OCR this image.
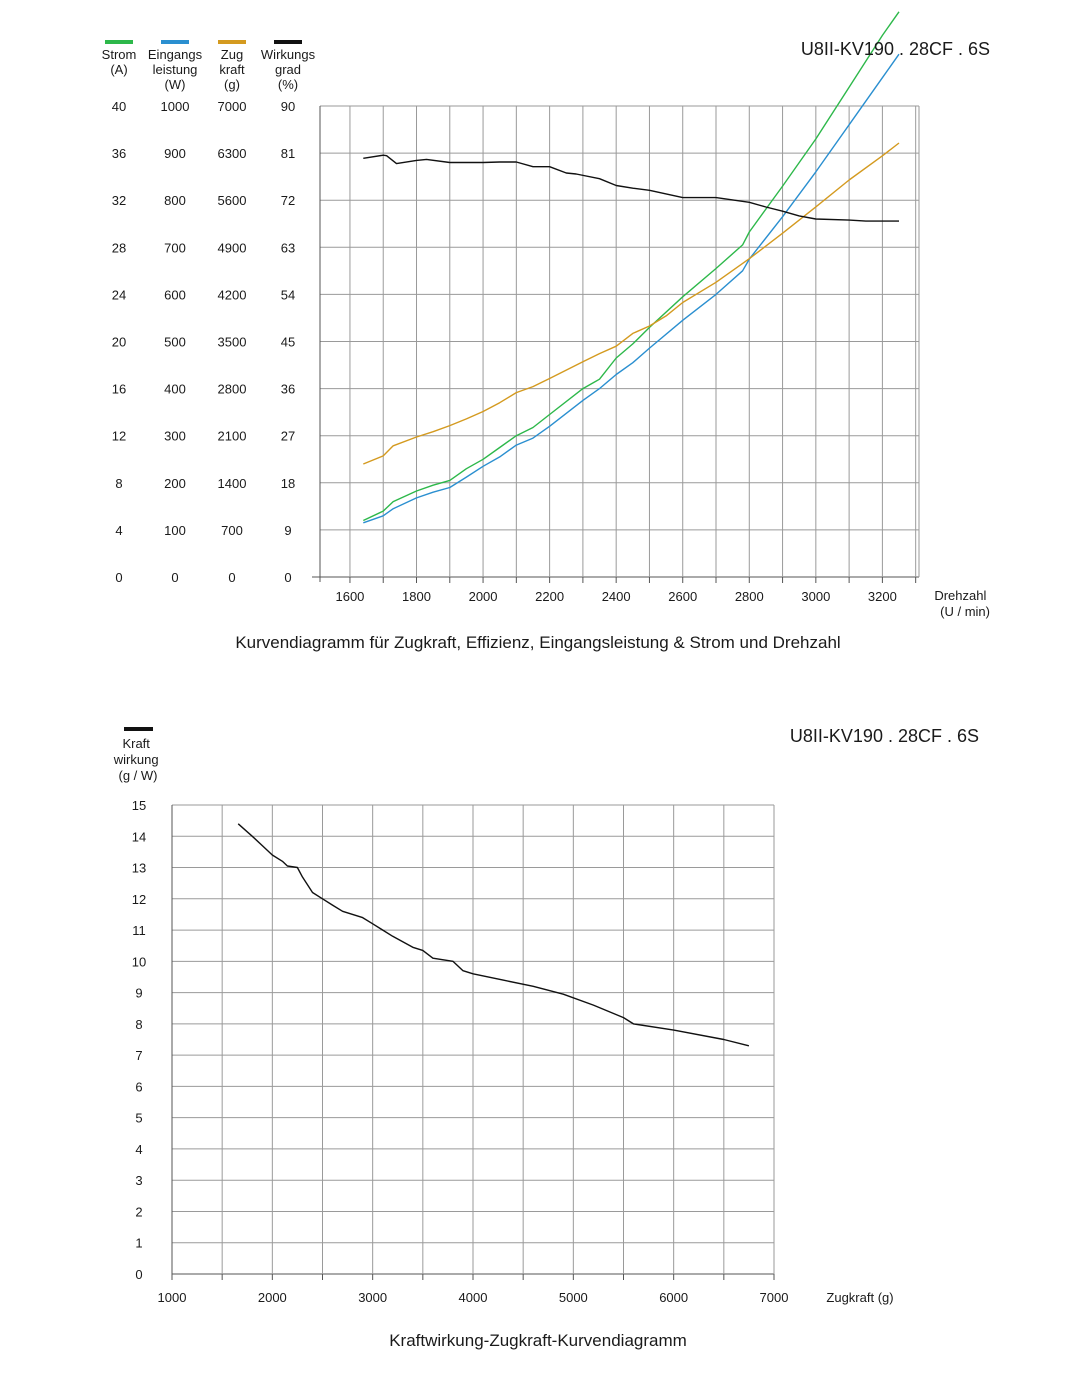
Strom (A)
Eingangs leistung (W)
Zug kraft (g)
Wirkungs grad (%)
0
4
8
12
16
20
24
28
32
36
40
0
100
200
300
400
500
600
700
800
900
1000
0
700
1400
2100
2800
3500
4200
4900
5600
6300
7000
0
9
18
27
36
45
54
63
72
81
90
1600	1800	2000	2200	2400	2600	2800	3000	3200
U8II-KV190 . 28CF . 6S
Drehzahl (U / min)
Kurvendiagramm für Zugkraft, Effizienz, Eingangsleistung & Strom und Drehzahl
0
1
2
3
4
5
6
7
8
9
10
11
12
13
14
15
1000	2000	3000	4000	5000	6000	7000
Kraft wirkung (g / W)
U8II-KV190 . 28CF . 6S
Zugkraft (g)
Kraftwirkung-Zugkraft-Kurvendiagramm
